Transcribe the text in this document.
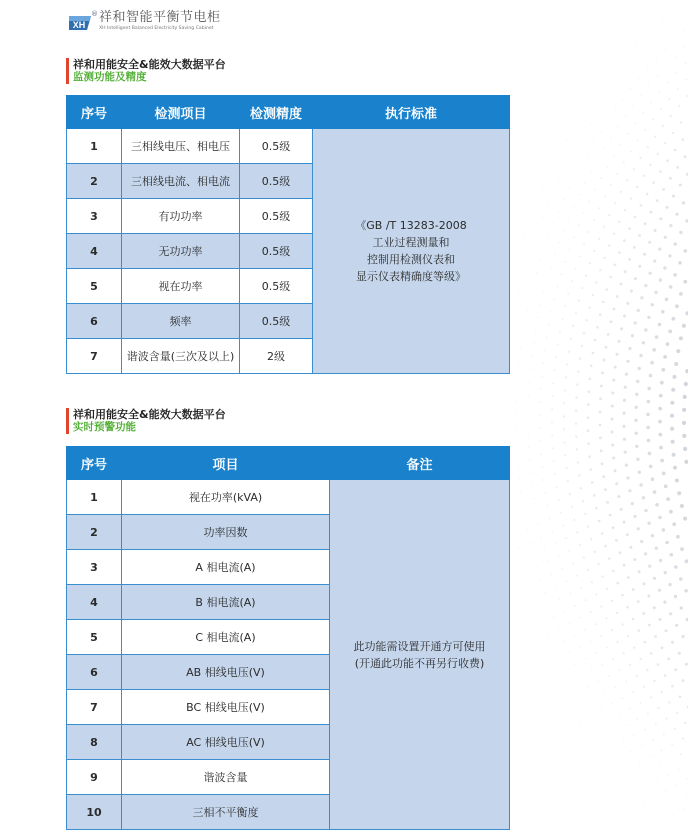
XH
® 祥和智能平衡节电柜
XH Intelligent Balanced Electricity Saving Cabinet
祥和用能安全&能效大数据平台
监测功能及精度
序号	检测项目	检测精度	执行标准
1	三相线电压、相电压	0.5级	《GB /T 13283-2008
工业过程测量和
控制用检测仪表和
显示仪表精确度等级》

2	三相线电流、相电流	0.5级	
3	有功功率	0.5级	
4	无功功率	0.5级	
5	视在功率	0.5级	
6	频率	0.5级	
7	谐波含量(三次及以上)	2级	
祥和用能安全&能效大数据平台
实时预警功能
序号	项目	备注
1	视在功率(kVA)	此功能需设置开通方可使用
(开通此功能不再另行收费)

2	功率因数	
3	A 相电流(A)	
4	B 相电流(A)	
5	C 相电流(A)	
6	AB 相线电压(V)	
7	BC 相线电压(V)	
8	AC 相线电压(V)	
9	谐波含量	
10	三相不平衡度	
